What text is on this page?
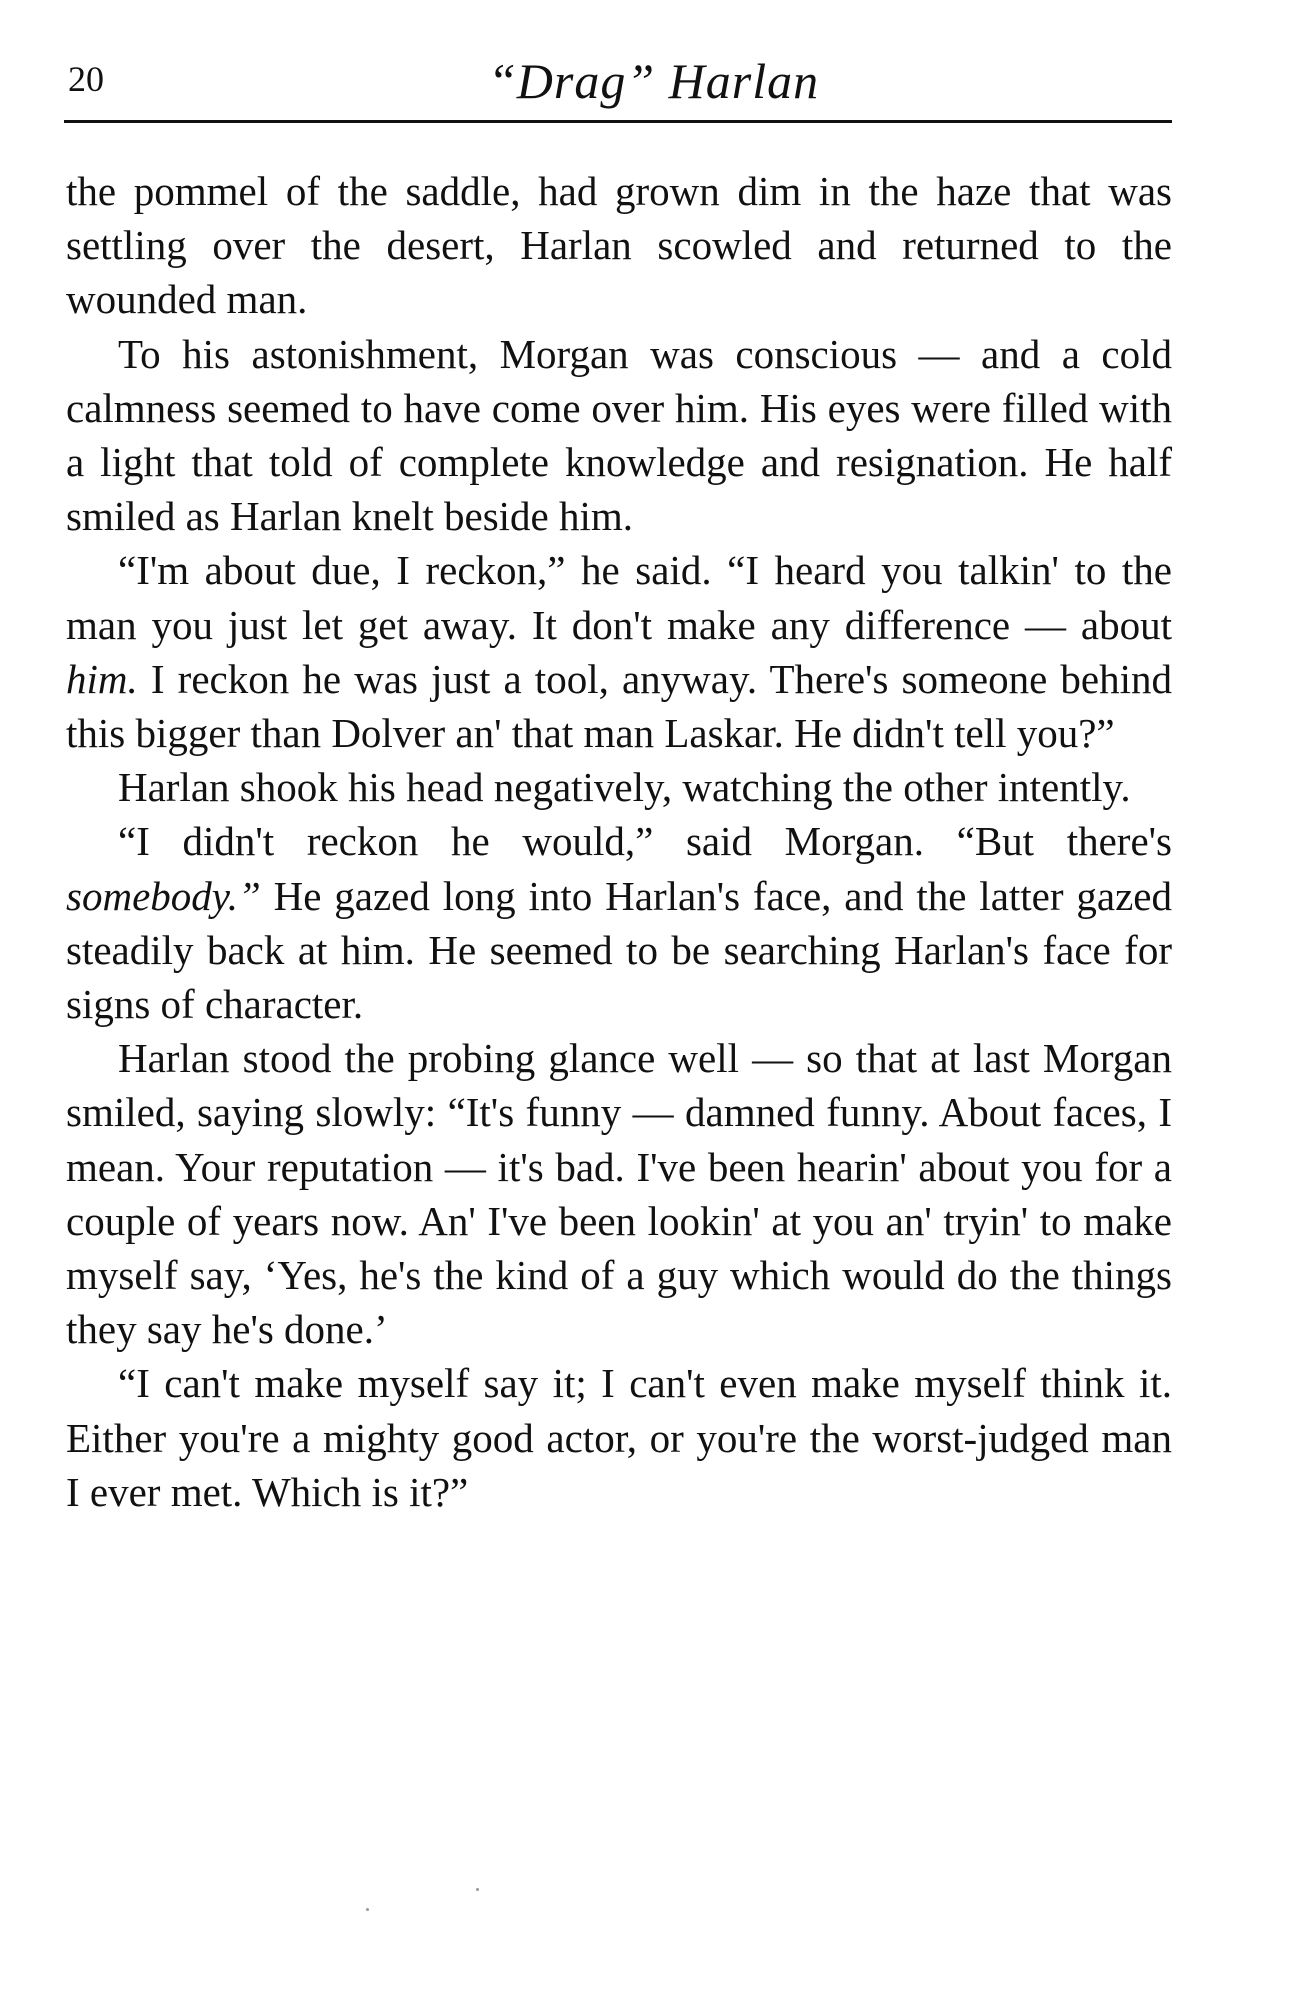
20	“Drag” Harlan

the pommel of the saddle, had grown dim in the haze that was settling over the desert, Harlan scowled and returned to the wounded man.

To his astonishment, Morgan was conscious — and a cold calmness seemed to have come over him. His eyes were filled with a light that told of complete knowledge and resignation. He half smiled as Harlan knelt beside him.

“I'm about due, I reckon,” he said. “I heard you talkin' to the man you just let get away. It don't make any difference — about him. I reckon he was just a tool, anyway. There's someone behind this bigger than Dolver an' that man Laskar. He didn't tell you?”

Harlan shook his head negatively, watching the other intently.

“I didn't reckon he would,” said Morgan. “But there's somebody.” He gazed long into Harlan's face, and the latter gazed steadily back at him. He seemed to be searching Harlan's face for signs of character.

Harlan stood the probing glance well — so that at last Morgan smiled, saying slowly: “It's funny — damned funny. About faces, I mean. Your reputation — it's bad. I've been hearin' about you for a couple of years now. An' I've been lookin' at you an' tryin' to make myself say, ‘Yes, he's the kind of a guy which would do the things they say he's done.’

“I can't make myself say it; I can't even make myself think it. Either you're a mighty good actor, or you're the worst-judged man I ever met. Which is it?”
